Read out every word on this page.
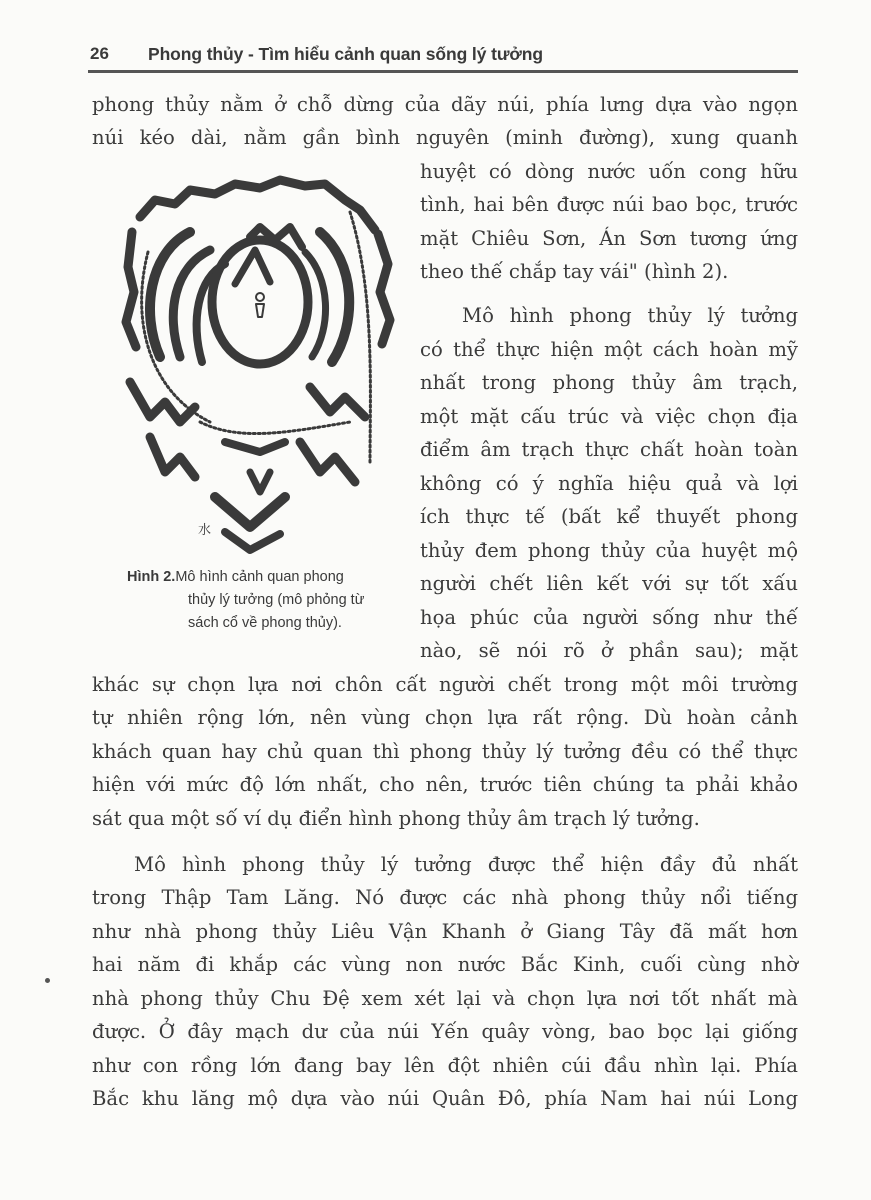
26 Phong thủy - Tìm hiểu cảnh quan sống lý tưởng
水
Hình 2.Mô hình cảnh quan phong
thủy lý tưởng (mô phỏng từ
sách cổ về phong thủy).
phong thủy nằm ở chỗ dừng của dãy núi, phía lưng dựa vào ngọn
núi kéo dài, nằm gần bình nguyên (minh đường), xung quanh
huyệt có dòng nước uốn cong hữu
tình, hai bên được núi bao bọc, trước
mặt Chiêu Sơn, Án Sơn tương ứng
theo thế chắp tay vái" (hình 2).
Mô hình phong thủy lý tưởng
có thể thực hiện một cách hoàn mỹ
nhất trong phong thủy âm trạch,
một mặt cấu trúc và việc chọn địa
điểm âm trạch thực chất hoàn toàn
không có ý nghĩa hiệu quả và lợi
ích thực tế (bất kể thuyết phong
thủy đem phong thủy của huyệt mộ
người chết liên kết với sự tốt xấu
họa phúc của người sống như thế
nào, sẽ nói rõ ở phần sau); mặt
khác sự chọn lựa nơi chôn cất người chết trong một môi trường
tự nhiên rộng lớn, nên vùng chọn lựa rất rộng. Dù hoàn cảnh
khách quan hay chủ quan thì phong thủy lý tưởng đều có thể thực
hiện với mức độ lớn nhất, cho nên, trước tiên chúng ta phải khảo
sát qua một số ví dụ điển hình phong thủy âm trạch lý tưởng.
Mô hình phong thủy lý tưởng được thể hiện đầy đủ nhất
trong Thập Tam Lăng. Nó được các nhà phong thủy nổi tiếng
như nhà phong thủy Liêu Vận Khanh ở Giang Tây đã mất hơn
hai năm đi khắp các vùng non nước Bắc Kinh, cuối cùng nhờ
nhà phong thủy Chu Đệ xem xét lại và chọn lựa nơi tốt nhất mà
được. Ở đây mạch dư của núi Yến quây vòng, bao bọc lại giống
như con rồng lớn đang bay lên đột nhiên cúi đầu nhìn lại. Phía
Bắc khu lăng mộ dựa vào núi Quân Đô, phía Nam hai núi Long
